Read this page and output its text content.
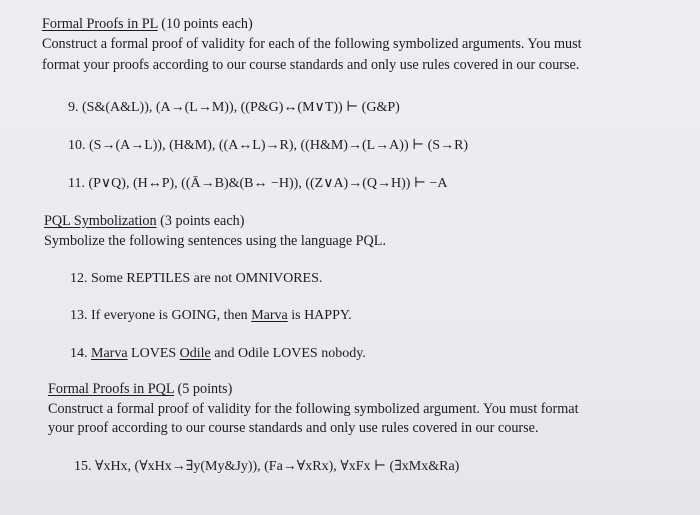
Formal Proofs in PL (10 points each)
Construct a formal proof of validity for each of the following symbolized arguments. You must
format your proofs according to our course standards and only use rules covered in our course.
9. (S&(A&L)), (A→(L→M)), ((P&G)↔(M∨T)) ⊢ (G&P)
10. (S→(A→L)), (H&M), ((A↔L)→R), ((H&M)→(L→A)) ⊢ (S→R)
11. (P∨Q), (H↔P), ((Ā→B)&(B↔ −H)), ((Z∨A)→(Q→H)) ⊢ −A
PQL Symbolization (3 points each)
Symbolize the following sentences using the language PQL.
12. Some REPTILES are not OMNIVORES.
13. If everyone is GOING, then Marva is HAPPY.
14. Marva LOVES Odile and Odile LOVES nobody.
Formal Proofs in PQL (5 points)
Construct a formal proof of validity for the following symbolized argument. You must format
your proof according to our course standards and only use rules covered in our course.
15. ∀xHx, (∀xHx→∃y(My&Jy)), (Fa→∀xRx), ∀xFx ⊢ (∃xMx&Ra)
